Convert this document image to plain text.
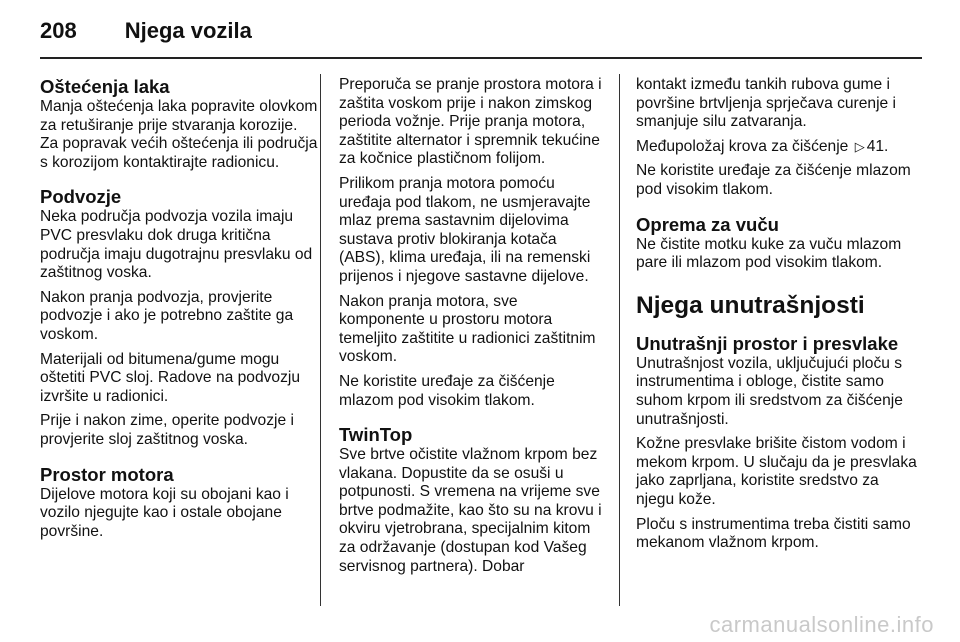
208 Njega vozila
Oštećenja laka

Manja oštećenja laka popravite olovkom za retuširanje prije stvaranja korozije. Za popravak većih oštećenja ili područja s korozijom kontaktirajte radionicu.

Podvozje

Neka područja podvozja vozila imaju PVC presvlaku dok druga kritična područja imaju dugotrajnu presvlaku od zaštitnog voska.

Nakon pranja podvozja, provjerite podvozje i ako je potrebno zaštite ga voskom.

Materijali od bitumena/gume mogu oštetiti PVC sloj. Radove na podvozju izvršite u radionici.

Prije i nakon zime, operite podvozje i provjerite sloj zaštitnog voska.

Prostor motora

Dijelove motora koji su obojani kao i vozilo njegujte kao i ostale obojane površine.

Preporuča se pranje prostora motora i zaštita voskom prije i nakon zimskog perioda vožnje. Prije pranja motora, zaštitite alternator i spremnik tekućine za kočnice plastičnom folijom.

Prilikom pranja motora pomoću uređaja pod tlakom, ne usmjeravajte mlaz prema sastavnim dijelovima sustava protiv blokiranja kotača (ABS), klima uređaja, ili na remenski prijenos i njegove sastavne dijelove.

Nakon pranja motora, sve komponente u prostoru motora temeljito zaštitite u radionici zaštitnim voskom.

Ne koristite uređaje za čišćenje mlazom pod visokim tlakom.

TwinTop

Sve brtve očistite vlažnom krpom bez vlakana. Dopustite da se osuši u potpunosti. S vremena na vrijeme sve brtve podmažite, kao što su na krovu i okviru vjetrobrana, specijalnim kitom za održavanje (dostupan kod Vašeg servisnog partnera). Dobar

kontakt između tankih rubova gume i površine brtvljenja sprječava curenje i smanjuje silu zatvaranja.

Međupoložaj krova za čišćenje ▷ 41.

Ne koristite uređaje za čišćenje mlazom pod visokim tlakom.

Oprema za vuču

Ne čistite motku kuke za vuču mlazom pare ili mlazom pod visokim tlakom.

Njega unutrašnjosti
Unutrašnji prostor i presvlake

Unutrašnjost vozila, uključujući ploču s instrumentima i obloge, čistite samo suhom krpom ili sredstvom za čišćenje unutrašnjosti.

Kožne presvlake brišite čistom vodom i mekom krpom. U slučaju da je presvlaka jako zaprljana, koristite sredstvo za njegu kože.

Ploču s instrumentima treba čistiti samo mekanom vlažnom krpom.

carmanualsonline.info
